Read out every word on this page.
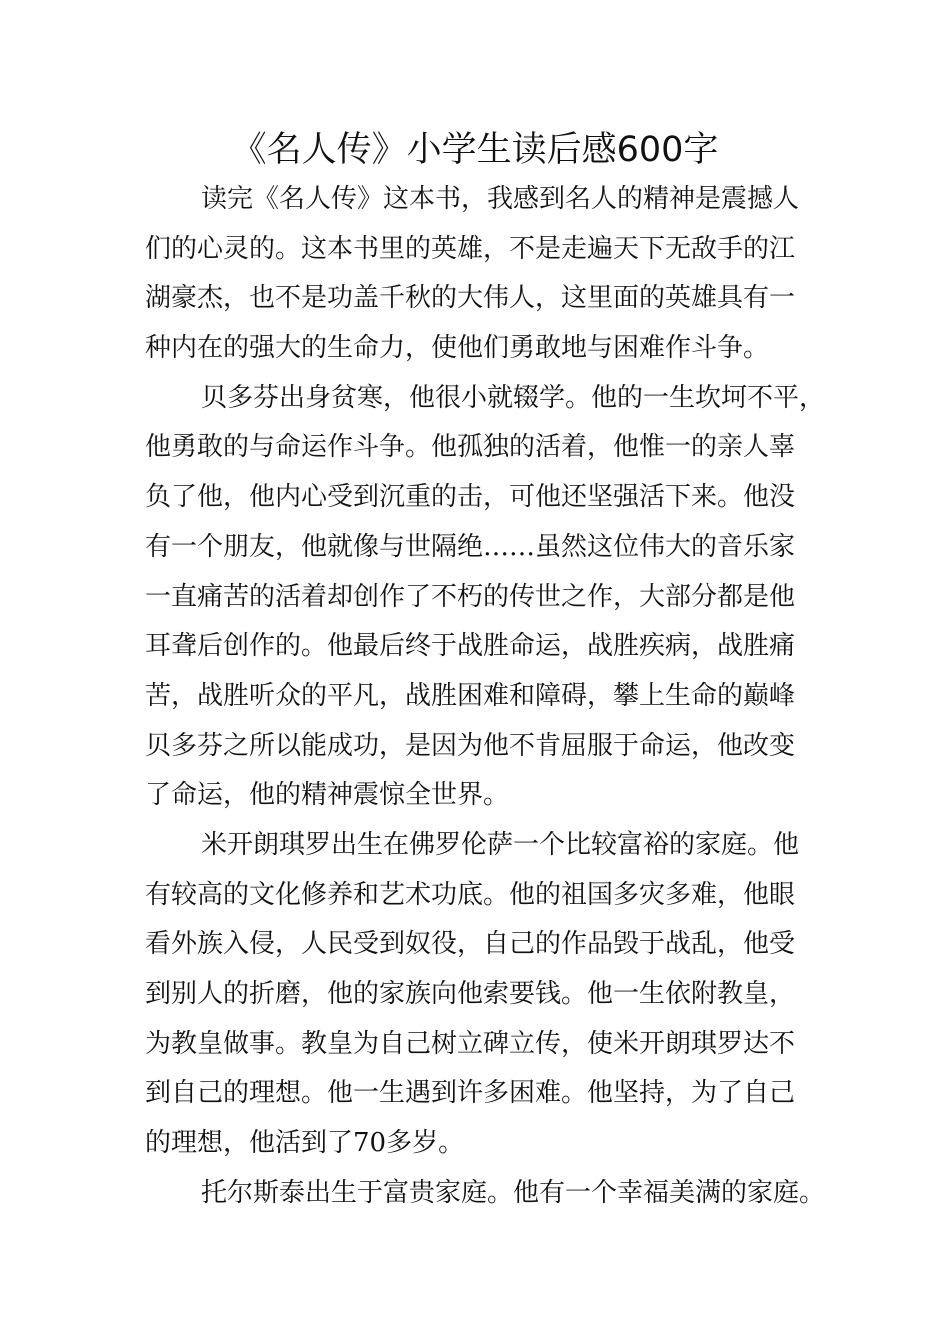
《名人传》小学生读后感600字
读完《名人传》这本书，我感到名人的精神是震撼人
们的心灵的。这本书里的英雄，不是走遍天下无敌手的江
湖豪杰，也不是功盖千秋的大伟人，这里面的英雄具有一
种内在的强大的生命力，使他们勇敢地与困难作斗争。
贝多芬出身贫寒，他很小就辍学。他的一生坎坷不平，
他勇敢的与命运作斗争。他孤独的活着，他惟一的亲人辜
负了他，他内心受到沉重的击，可他还坚强活下来。他没
有一个朋友，他就像与世隔绝……虽然这位伟大的音乐家
一直痛苦的活着却创作了不朽的传世之作，大部分都是他
耳聋后创作的。他最后终于战胜命运，战胜疾病，战胜痛
苦，战胜听众的平凡，战胜困难和障碍，攀上生命的巅峰
贝多芬之所以能成功，是因为他不肯屈服于命运，他改变
了命运，他的精神震惊全世界。
米开朗琪罗出生在佛罗伦萨一个比较富裕的家庭。他
有较高的文化修养和艺术功底。他的祖国多灾多难，他眼
看外族入侵，人民受到奴役，自己的作品毁于战乱，他受
到别人的折磨，他的家族向他索要钱。他一生依附教皇，
为教皇做事。教皇为自己树立碑立传，使米开朗琪罗达不
到自己的理想。他一生遇到许多困难。他坚持，为了自己
的理想，他活到了70多岁。
托尔斯泰出生于富贵家庭。他有一个幸福美满的家庭。
